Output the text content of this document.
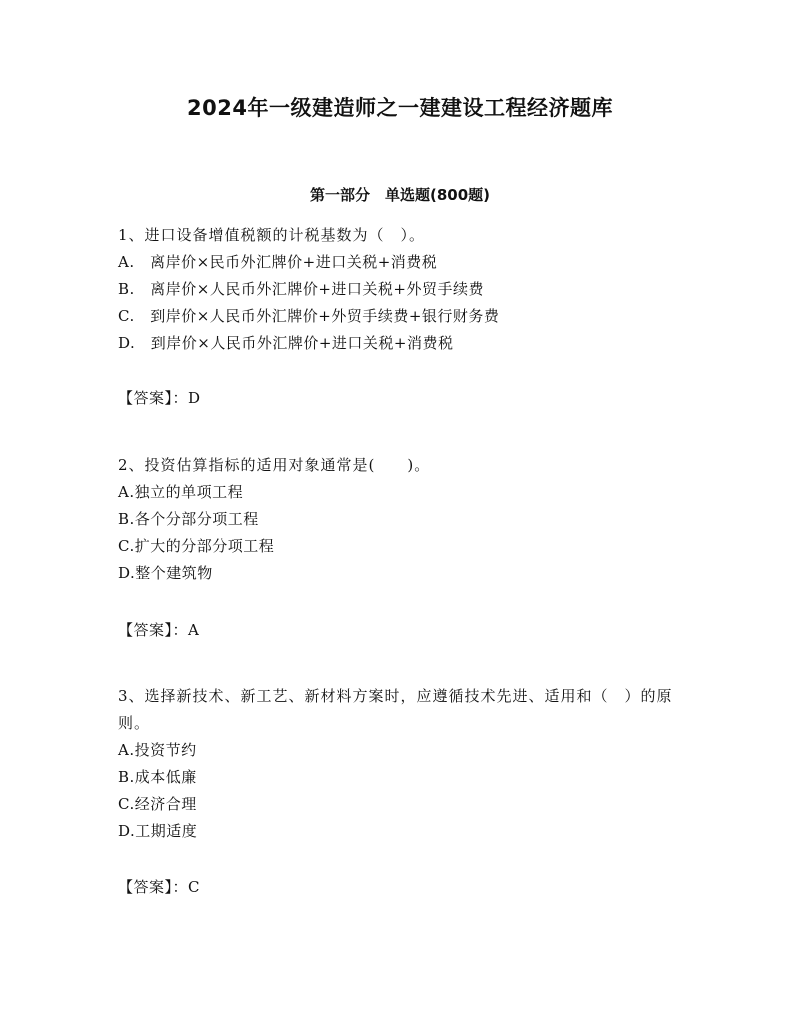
2024年一级建造师之一建建设工程经济题库
第一部分　单选题(800题)

1、进口设备增值税额的计税基数为（　）。

A.　离岸价×民币外汇牌价+进口关税+消费税

B.　离岸价×人民币外汇牌价+进口关税+外贸手续费

C.　到岸价×人民币外汇牌价+外贸手续费+银行财务费

D.　到岸价×人民币外汇牌价+进口关税+消费税

【答案】：D

2、投资估算指标的适用对象通常是(　　)。

A.独立的单项工程

B.各个分部分项工程

C.扩大的分部分项工程

D.整个建筑物

【答案】：A

3、选择新技术、新工艺、新材料方案时，应遵循技术先进、适用和（　）的原则。

A.投资节约

B.成本低廉

C.经济合理

D.工期适度

【答案】：C
